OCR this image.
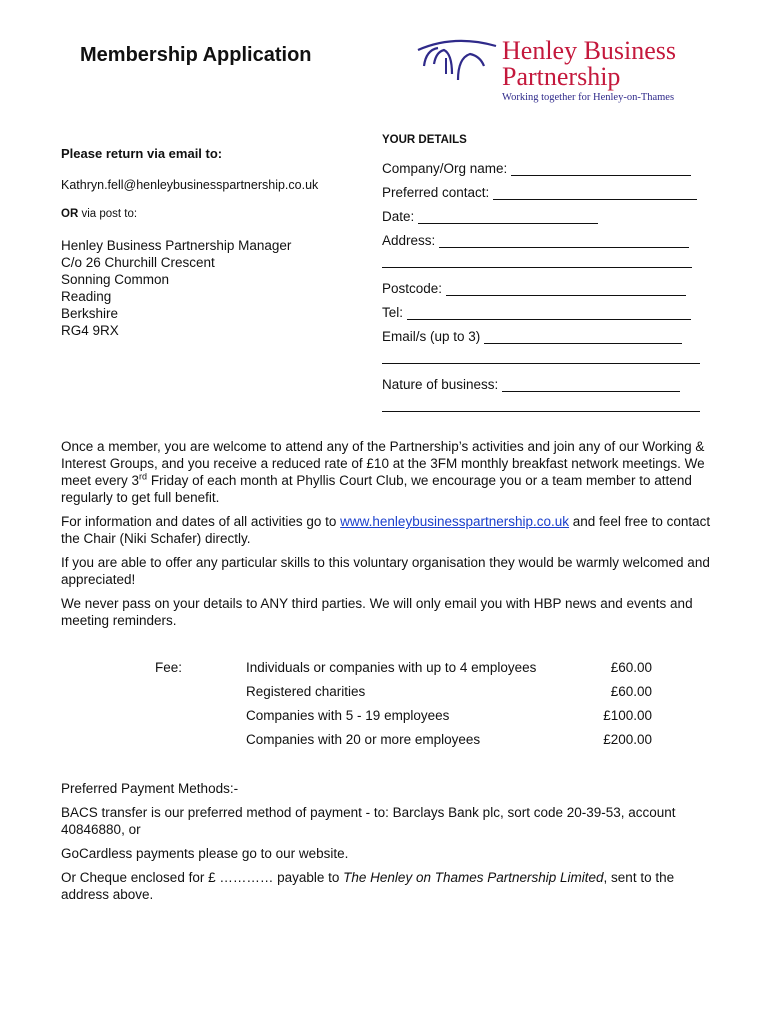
Membership Application	Henley Business
Partnership
Working together for Henley-on-Thames
Please return via email to:
Kathryn.fell@henleybusinesspartnership.co.uk
OR via post to:
Henley Business Partnership Manager
C/o 26 Churchill Crescent
Sonning Common
Reading
Berkshire
RG4 9RX
YOUR DETAILS
Company/Org name:
Preferred contact:
Date:
Address:
Postcode:
Tel:
Email/s (up to 3)
Nature of business:

Once a member, you are welcome to attend any of the Partnership’s activities and join any of our Working & Interest Groups, and you receive a reduced rate of £10 at the 3FM monthly breakfast network meetings. We meet every 3rd Friday of each month at Phyllis Court Club, we encourage you or a team member to attend regularly to get full benefit.

For information and dates of all activities go to www.henleybusinesspartnership.co.uk and feel free to contact the Chair (Niki Schafer) directly.

If you are able to offer any particular skills to this voluntary organisation they would be warmly welcomed and appreciated!

We never pass on your details to ANY third parties. We will only email you with HBP news and events and meeting reminders.

Fee:	Individuals or companies with up to 4 employees	£60.00
Registered charities	£60.00
Companies with 5 - 19 employees	£100.00
Companies with 20 or more employees	£200.00

Preferred Payment Methods:-

BACS transfer is our preferred method of payment - to: Barclays Bank plc, sort code 20-39-53, account 40846880, or

GoCardless payments please go to our website.

Or Cheque enclosed for £ ………… payable to The Henley on Thames Partnership Limited, sent to the address above.
